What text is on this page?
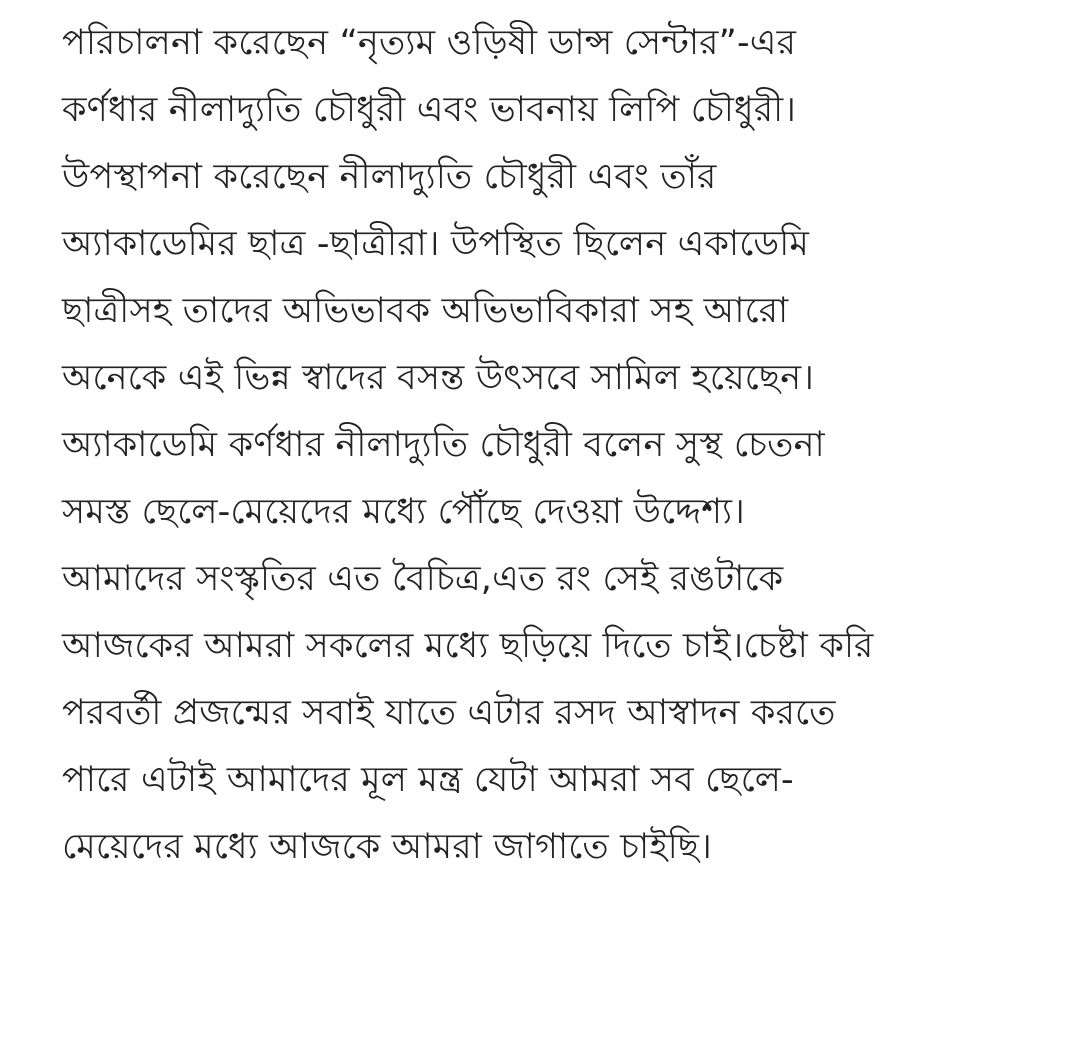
পরিচালনা করেছেন “নৃত্যম ওড়িষী ডান্স সেন্টার”-এর
কর্ণধার নীলাদ্যুতি চৌধুরী এবং ভাবনায় লিপি চৌধুরী।
উপস্থাপনা করেছেন নীলাদ্যুতি চৌধুরী এবং তাঁর
অ্যাকাডেমির ছাত্র -ছাত্রীরা। উপস্থিত ছিলেন একাডেমি
ছাত্রীসহ তাদের অভিভাবক অভিভাবিকারা সহ আরো
অনেকে এই ভিন্ন স্বাদের বসন্ত উৎসবে সামিল হয়েছেন।
অ্যাকাডেমি কর্ণধার নীলাদ্যুতি চৌধুরী বলেন সুস্থ চেতনা
সমস্ত ছেলে-মেয়েদের মধ্যে পৌঁছে দেওয়া উদ্দেশ্য।
আমাদের সংস্কৃতির এত বৈচিত্র,এত রং সেই রঙটাকে
আজকের আমরা সকলের মধ্যে ছড়িয়ে দিতে চাই।চেষ্টা করি
পরবর্তী প্রজন্মের সবাই যাতে এটার রসদ আস্বাদন করতে
পারে এটাই আমাদের মূল মন্ত্র যেটা আমরা সব ছেলে-
মেয়েদের মধ্যে আজকে আমরা জাগাতে চাইছি।
